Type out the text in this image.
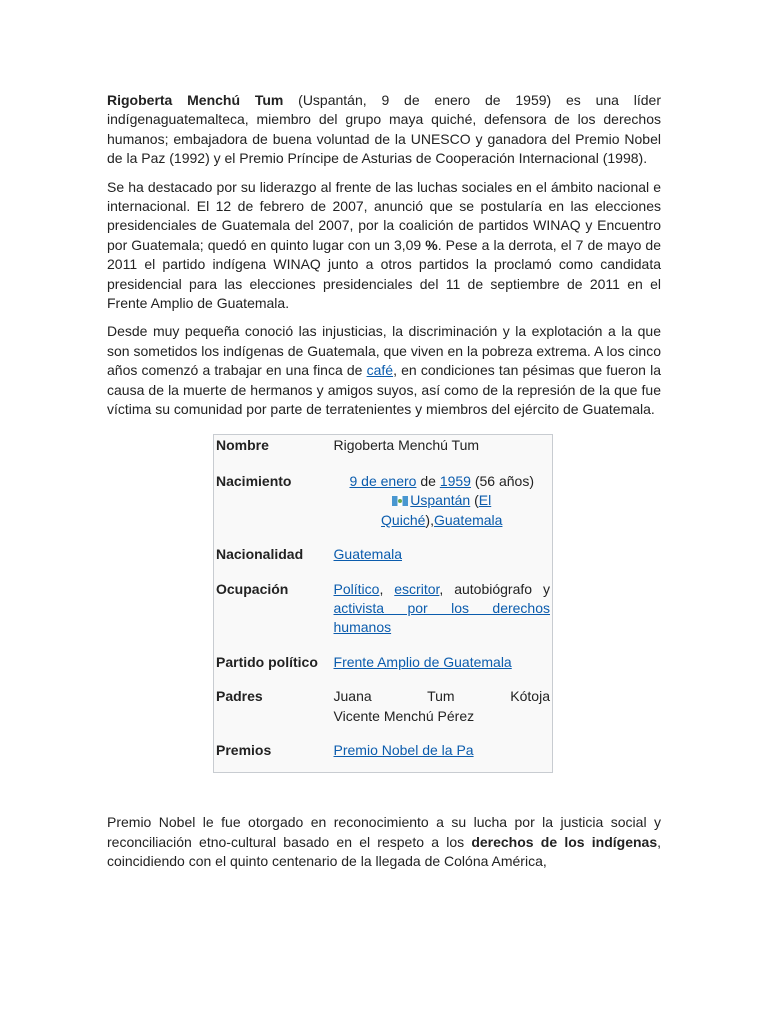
Rigoberta Menchú Tum (Uspantán, 9 de enero de 1959) es una líder indígenaguatemalteca, miembro del grupo maya quiché, defensora de los derechos humanos; embajadora de buena voluntad de la UNESCO y ganadora del Premio Nobel de la Paz (1992) y el Premio Príncipe de Asturias de Cooperación Internacional (1998).

Se ha destacado por su liderazgo al frente de las luchas sociales en el ámbito nacional e internacional. El 12 de febrero de 2007, anunció que se postularía en las elecciones presidenciales de Guatemala del 2007, por la coalición de partidos WINAQ y Encuentro por Guatemala; quedó en quinto lugar con un 3,09 %. Pese a la derrota, el 7 de mayo de 2011 el partido indígena WINAQ junto a otros partidos la proclamó como candidata presidencial para las elecciones presidenciales del 11 de septiembre de 2011 en el Frente Amplio de Guatemala.

Desde muy pequeña conoció las injusticias, la discriminación y la explotación a la que son sometidos los indígenas de Guatemala, que viven en la pobreza extrema. A los cinco años comenzó a trabajar en una finca de café, en condiciones tan pésimas que fueron la causa de la muerte de hermanos y amigos suyos, así como de la represión de la que fue víctima su comunidad por parte de terratenientes y miembros del ejército de Guatemala.

Nombre	Rigoberta Menchú Tum

Nacimiento	9 de enero de 1959 (56 años)
Uspantán (El Quiché),Guatemala

Nacionalidad	Guatemala

Ocupación	Político, escritor, autobiógrafo y activista por los derechos humanos

Partido político	Frente Amplio de Guatemala

Padres	Juana Tum Kótoja
Vicente Menchú Pérez

Premios	Premio Nobel de la Pa

Premio Nobel le fue otorgado en reconocimiento a su lucha por la justicia social y reconciliación etno-cultural basado en el respeto a los derechos de los indígenas, coincidiendo con el quinto centenario de la llegada de Colóna América,
